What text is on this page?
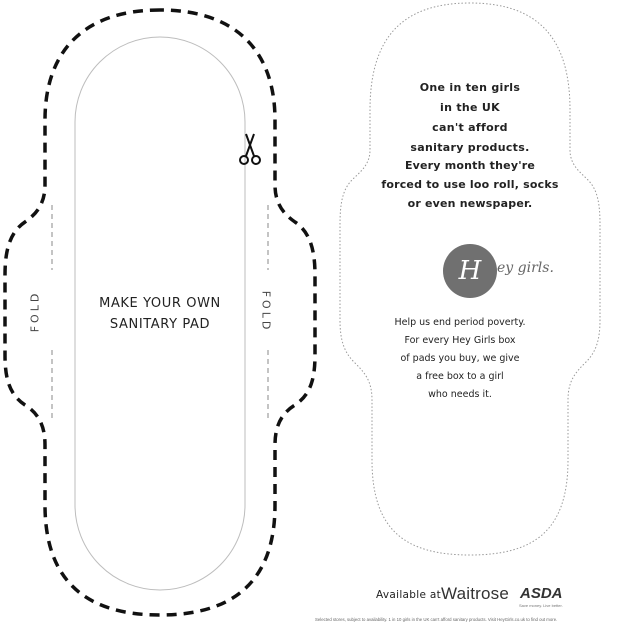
MAKE YOUR OWN
SANITARY PAD
FOLD	FOLD
One in ten girls
in the UK
can't afford
sanitary products.
Every month they're
forced to use loo roll, socks
or even newspaper.
H	ey girls.
Help us end period poverty.
For every Hey Girls box
of pads you buy, we give
a free box to a girl
who needs it.
Available at Waitrose ASDA
Save money. Live better.
Selected stores, subject to availability. 1 in 10 girls in the UK can't afford sanitary products. Visit HeyGirls.co.uk to find out more.
